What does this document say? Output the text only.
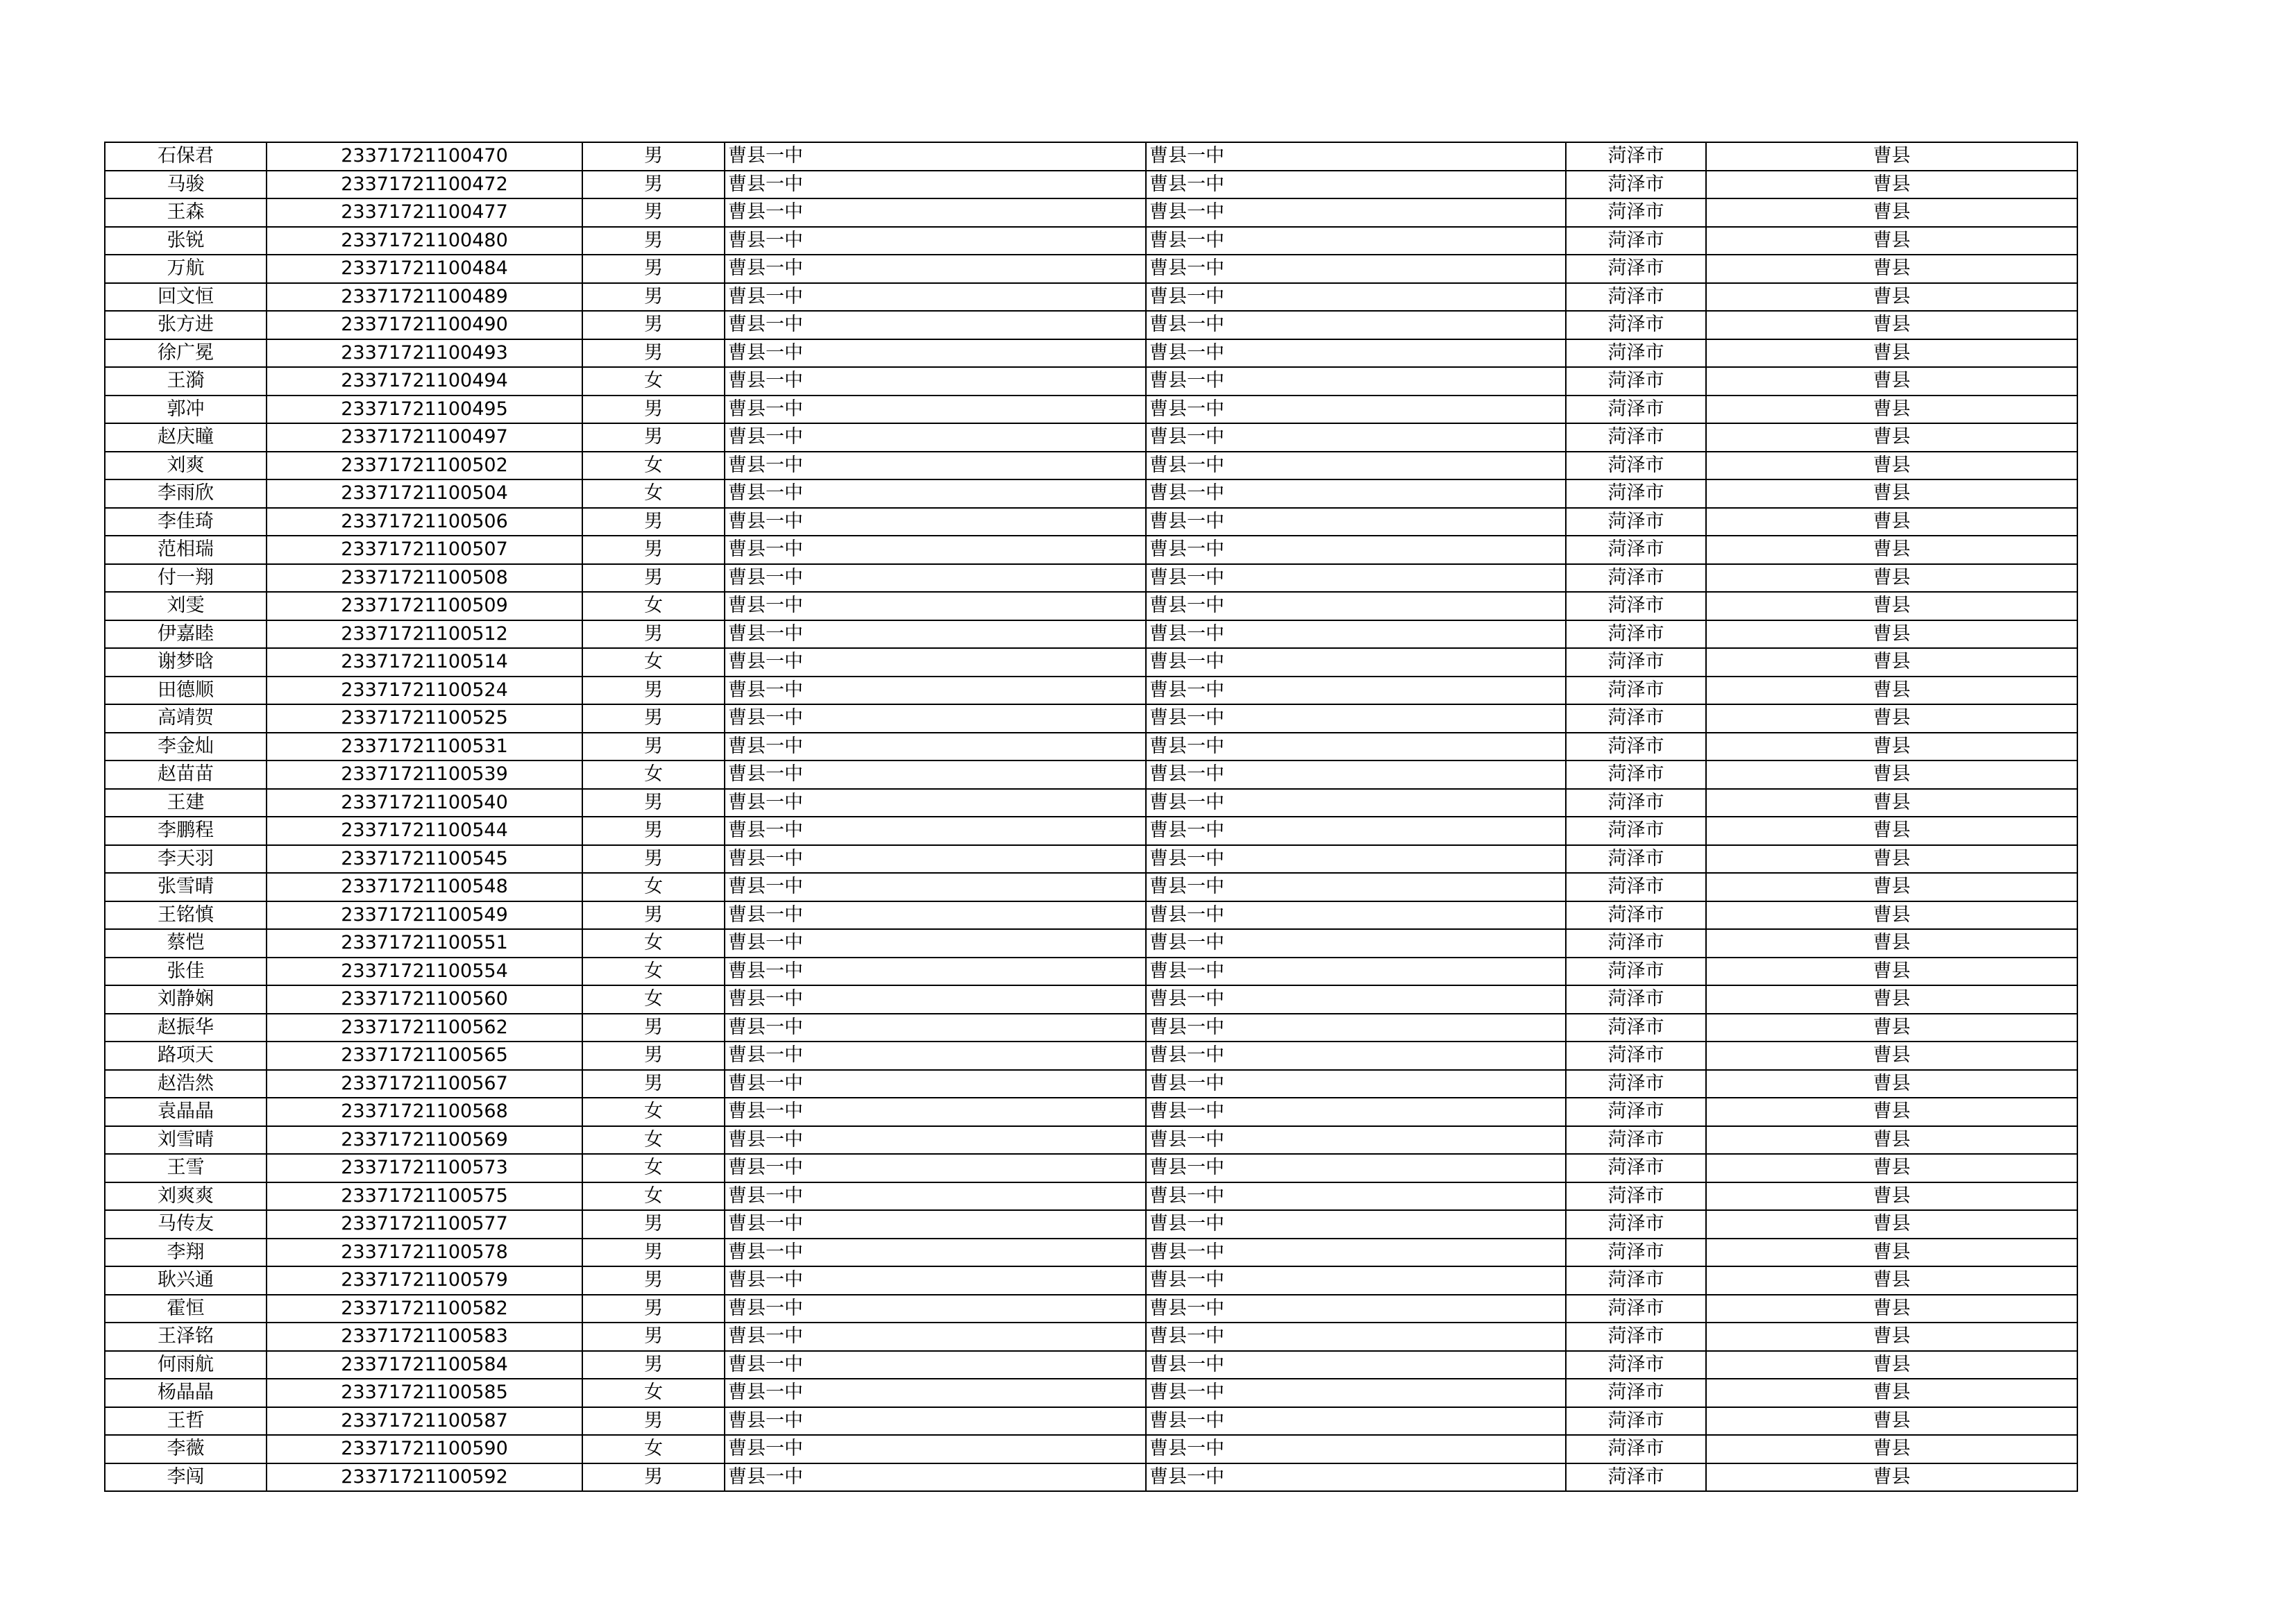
石保君	23371721100470	男	曹县一中	曹县一中	菏泽市	曹县
马骏	23371721100472	男	曹县一中	曹县一中	菏泽市	曹县
王森	23371721100477	男	曹县一中	曹县一中	菏泽市	曹县
张锐	23371721100480	男	曹县一中	曹县一中	菏泽市	曹县
万航	23371721100484	男	曹县一中	曹县一中	菏泽市	曹县
回文恒	23371721100489	男	曹县一中	曹县一中	菏泽市	曹县
张方进	23371721100490	男	曹县一中	曹县一中	菏泽市	曹县
徐广冕	23371721100493	男	曹县一中	曹县一中	菏泽市	曹县
王漪	23371721100494	女	曹县一中	曹县一中	菏泽市	曹县
郭冲	23371721100495	男	曹县一中	曹县一中	菏泽市	曹县
赵庆瞳	23371721100497	男	曹县一中	曹县一中	菏泽市	曹县
刘爽	23371721100502	女	曹县一中	曹县一中	菏泽市	曹县
李雨欣	23371721100504	女	曹县一中	曹县一中	菏泽市	曹县
李佳琦	23371721100506	男	曹县一中	曹县一中	菏泽市	曹县
范相瑞	23371721100507	男	曹县一中	曹县一中	菏泽市	曹县
付一翔	23371721100508	男	曹县一中	曹县一中	菏泽市	曹县
刘雯	23371721100509	女	曹县一中	曹县一中	菏泽市	曹县
伊嘉睦	23371721100512	男	曹县一中	曹县一中	菏泽市	曹县
谢梦晗	23371721100514	女	曹县一中	曹县一中	菏泽市	曹县
田德顺	23371721100524	男	曹县一中	曹县一中	菏泽市	曹县
高靖贺	23371721100525	男	曹县一中	曹县一中	菏泽市	曹县
李金灿	23371721100531	男	曹县一中	曹县一中	菏泽市	曹县
赵苗苗	23371721100539	女	曹县一中	曹县一中	菏泽市	曹县
王建	23371721100540	男	曹县一中	曹县一中	菏泽市	曹县
李鹏程	23371721100544	男	曹县一中	曹县一中	菏泽市	曹县
李天羽	23371721100545	男	曹县一中	曹县一中	菏泽市	曹县
张雪晴	23371721100548	女	曹县一中	曹县一中	菏泽市	曹县
王铭慎	23371721100549	男	曹县一中	曹县一中	菏泽市	曹县
蔡恺	23371721100551	女	曹县一中	曹县一中	菏泽市	曹县
张佳	23371721100554	女	曹县一中	曹县一中	菏泽市	曹县
刘静娴	23371721100560	女	曹县一中	曹县一中	菏泽市	曹县
赵振华	23371721100562	男	曹县一中	曹县一中	菏泽市	曹县
路项天	23371721100565	男	曹县一中	曹县一中	菏泽市	曹县
赵浩然	23371721100567	男	曹县一中	曹县一中	菏泽市	曹县
袁晶晶	23371721100568	女	曹县一中	曹县一中	菏泽市	曹县
刘雪晴	23371721100569	女	曹县一中	曹县一中	菏泽市	曹县
王雪	23371721100573	女	曹县一中	曹县一中	菏泽市	曹县
刘爽爽	23371721100575	女	曹县一中	曹县一中	菏泽市	曹县
马传友	23371721100577	男	曹县一中	曹县一中	菏泽市	曹县
李翔	23371721100578	男	曹县一中	曹县一中	菏泽市	曹县
耿兴通	23371721100579	男	曹县一中	曹县一中	菏泽市	曹县
霍恒	23371721100582	男	曹县一中	曹县一中	菏泽市	曹县
王泽铭	23371721100583	男	曹县一中	曹县一中	菏泽市	曹县
何雨航	23371721100584	男	曹县一中	曹县一中	菏泽市	曹县
杨晶晶	23371721100585	女	曹县一中	曹县一中	菏泽市	曹县
王哲	23371721100587	男	曹县一中	曹县一中	菏泽市	曹县
李薇	23371721100590	女	曹县一中	曹县一中	菏泽市	曹县
李闯	23371721100592	男	曹县一中	曹县一中	菏泽市	曹县
